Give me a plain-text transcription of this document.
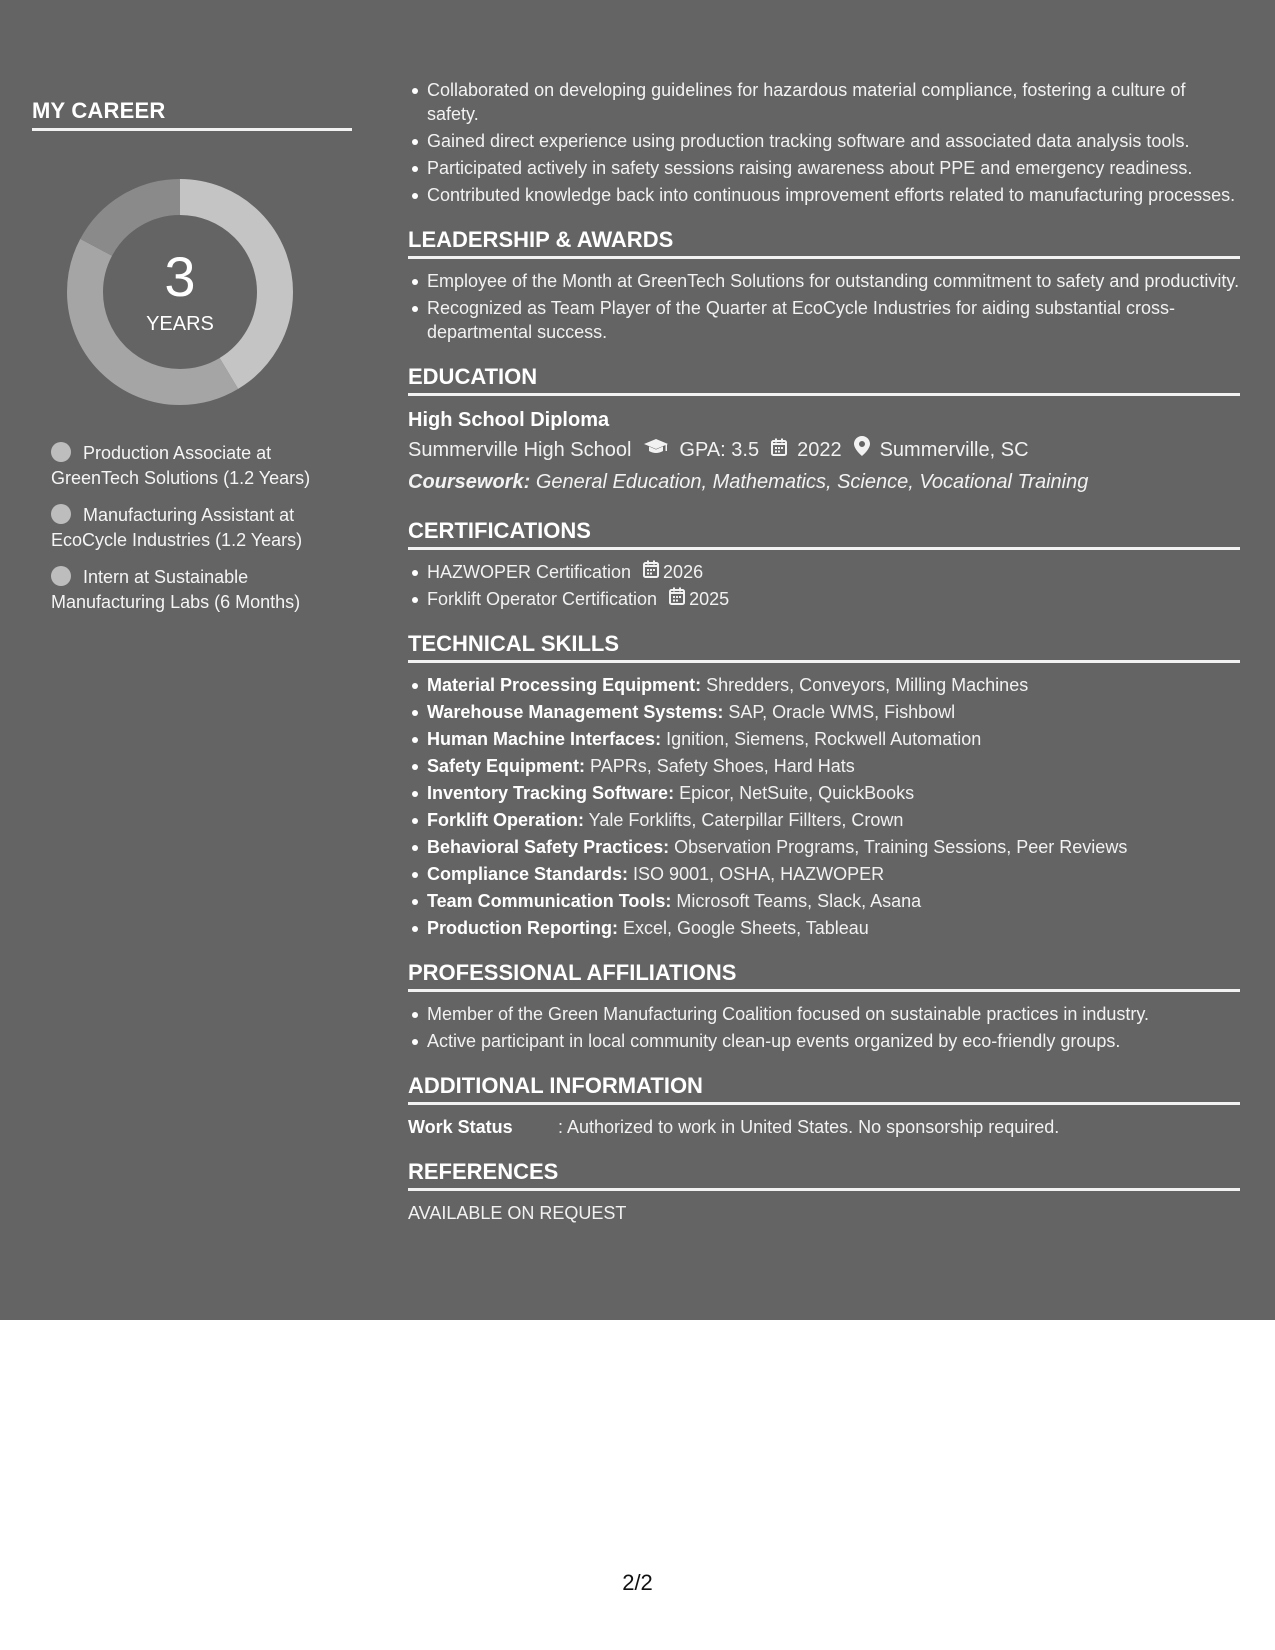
MY CAREER
3
YEARS
Production Associate at GreenTech Solutions (1.2 Years)
Manufacturing Assistant at EcoCycle Industries (1.2 Years)
Intern at Sustainable Manufacturing Labs (6 Months)
Collaborated on developing guidelines for hazardous material compliance, fostering a culture of safety.
Gained direct experience using production tracking software and associated data analysis tools.
Participated actively in safety sessions raising awareness about PPE and emergency readiness.
Contributed knowledge back into continuous improvement efforts related to manufacturing processes.
LEADERSHIP & AWARDS
Employee of the Month at GreenTech Solutions for outstanding commitment to safety and productivity.
Recognized as Team Player of the Quarter at EcoCycle Industries for aiding substantial cross-departmental success.
EDUCATION
High School Diploma
Summerville High School GPA: 3.5 2022 Summerville, SC
Coursework: General Education, Mathematics, Science, Vocational Training
CERTIFICATIONS
HAZWOPER Certification 2026
Forklift Operator Certification 2025
TECHNICAL SKILLS
Material Processing Equipment: Shredders, Conveyors, Milling Machines
Warehouse Management Systems: SAP, Oracle WMS, Fishbowl
Human Machine Interfaces: Ignition, Siemens, Rockwell Automation
Safety Equipment: PAPRs, Safety Shoes, Hard Hats
Inventory Tracking Software: Epicor, NetSuite, QuickBooks
Forklift Operation: Yale Forklifts, Caterpillar Fillters, Crown
Behavioral Safety Practices: Observation Programs, Training Sessions, Peer Reviews
Compliance Standards: ISO 9001, OSHA, HAZWOPER
Team Communication Tools: Microsoft Teams, Slack, Asana
Production Reporting: Excel, Google Sheets, Tableau
PROFESSIONAL AFFILIATIONS
Member of the Green Manufacturing Coalition focused on sustainable practices in industry.
Active participant in local community clean-up events organized by eco-friendly groups.
ADDITIONAL INFORMATION
Work Status	: Authorized to work in United States. No sponsorship required.
REFERENCES
AVAILABLE ON REQUEST
2/2
